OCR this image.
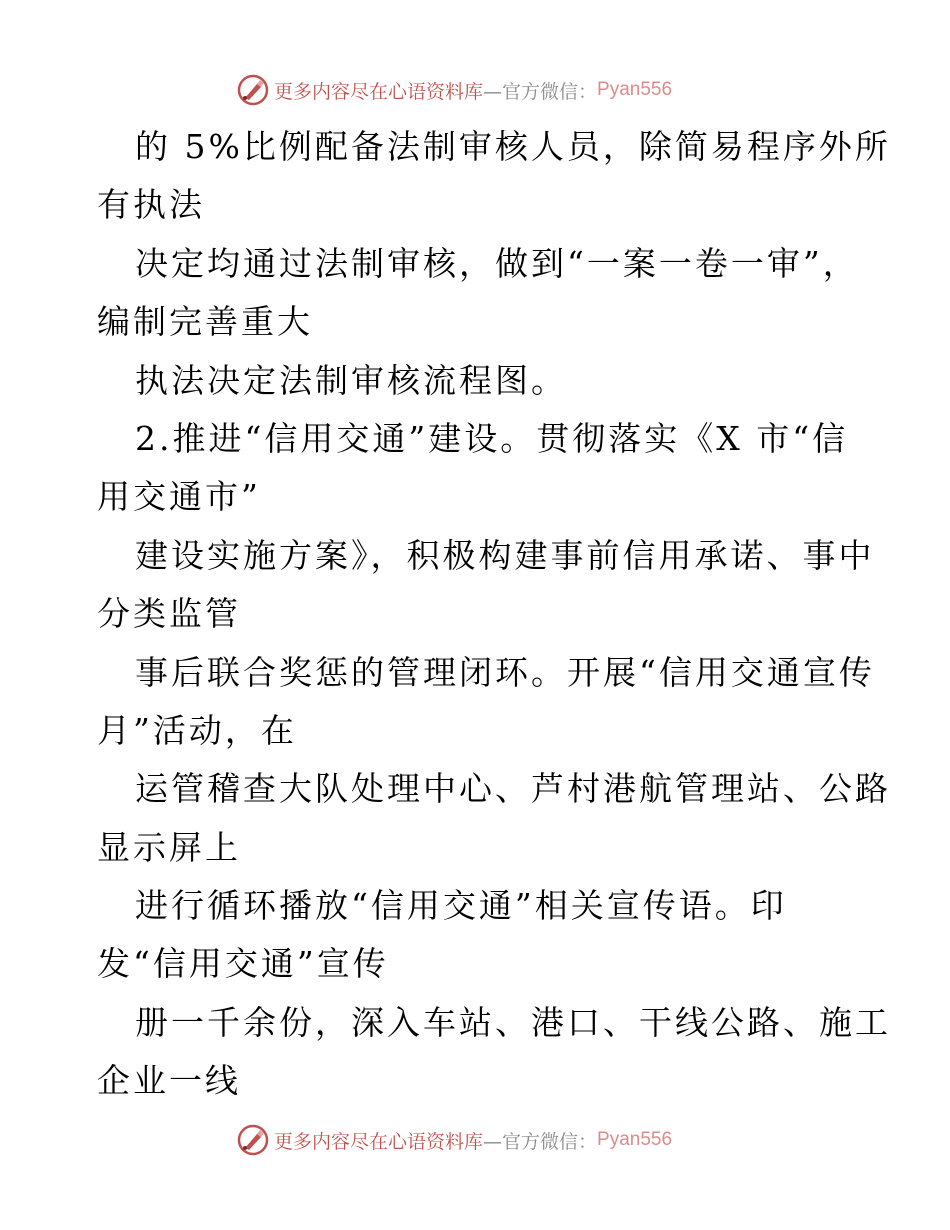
更多内容尽在心语资料库 —官方微信： Pyan556
的 5%比例配备法制审核人员，除简易程序外所
有执法
决定均通过法制审核，做到“一案一卷一审”，
编制完善重大
执法决定法制审核流程图。
2.推进“信用交通”建设。贯彻落实《X 市“信
用交通市”
建设实施方案》，积极构建事前信用承诺、事中
分类监管
事后联合奖惩的管理闭环。开展“信用交通宣传
月”活动，在
运管稽查大队处理中心、芦村港航管理站、公路
显示屏上
进行循环播放“信用交通”相关宣传语。印
发“信用交通”宣传
册一千余份，深入车站、港口、干线公路、施工
企业一线
更多内容尽在心语资料库 —官方微信： Pyan556
